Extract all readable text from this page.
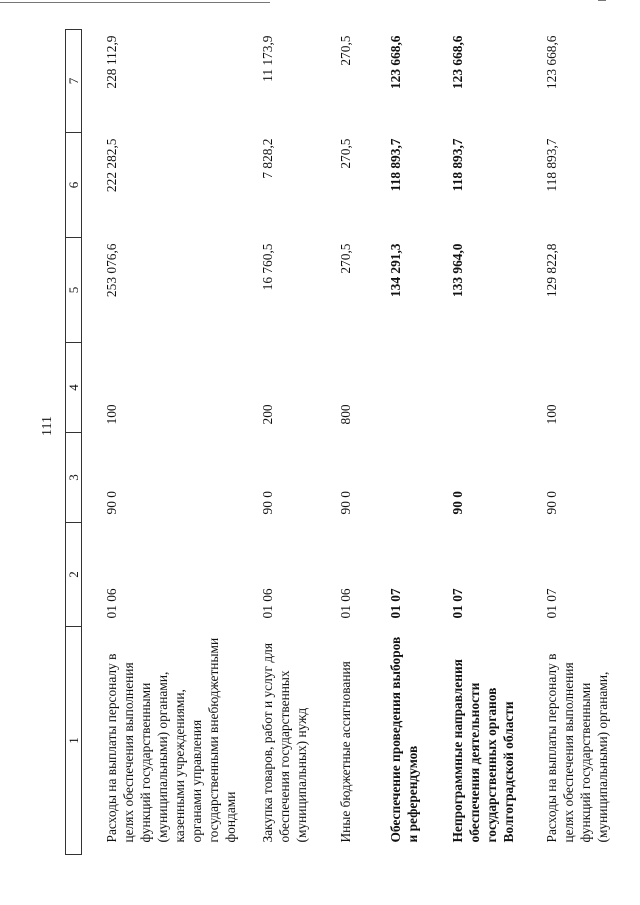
111
1	2	3	4	5	6	7
Расходы на выплаты персоналу в целях обеспечения выполнения функций государственными (муниципальными) органами, казенными учреждениями, органами управления государственными внебюджетными фондами	01 06	90 0	100	253 076,6	222 282,5	228 112,9
Закупка товаров, работ и услуг для обеспечения государственных (муниципальных) нужд	01 06	90 0	200	16 760,5	7 828,2	11 173,9
Иные бюджетные ассигнования	01 06	90 0	800	270,5	270,5	270,5
Обеспечение проведения выборов и референдумов	01 07			134 291,3	118 893,7	123 668,6
Непрограммные направления обеспечения деятельности государственных органов Волгоградской области	01 07	90 0		133 964,0	118 893,7	123 668,6
Расходы на выплаты персоналу в целях обеспечения выполнения функций государственными (муниципальными) органами,	01 07	90 0	100	129 822,8	118 893,7	123 668,6
